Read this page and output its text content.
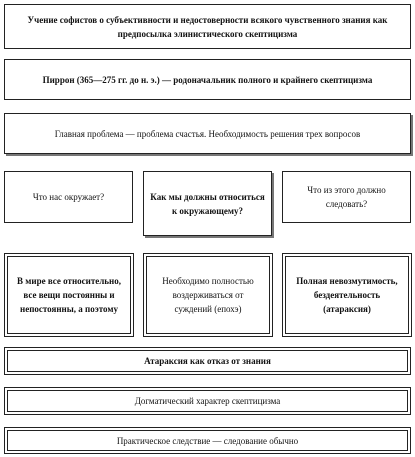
Учение софистов о субъективности и недостоверности всякого чувственного знания как предпосылка элинистического скептицизма
Пиррон (365—275 гг. до н. э.) — родоначальник полного и крайнего скептицизма
Главная проблема — проблема счастья. Необходимость решения трех вопросов
Что нас окружает?	Как мы должны относиться к окружающему?
Что из этого должно следовать?
В мире все относительно, все вещи постоянны и непостоянны, а поэтому
Необходимо полностью воздерживаться от суждений (епохэ)
Полная невозмутимость, бездеятельность (атараксия)
Атараксия как отказ от знания
Догматический характер скептицизма
Практическое следствие — следование обычно
